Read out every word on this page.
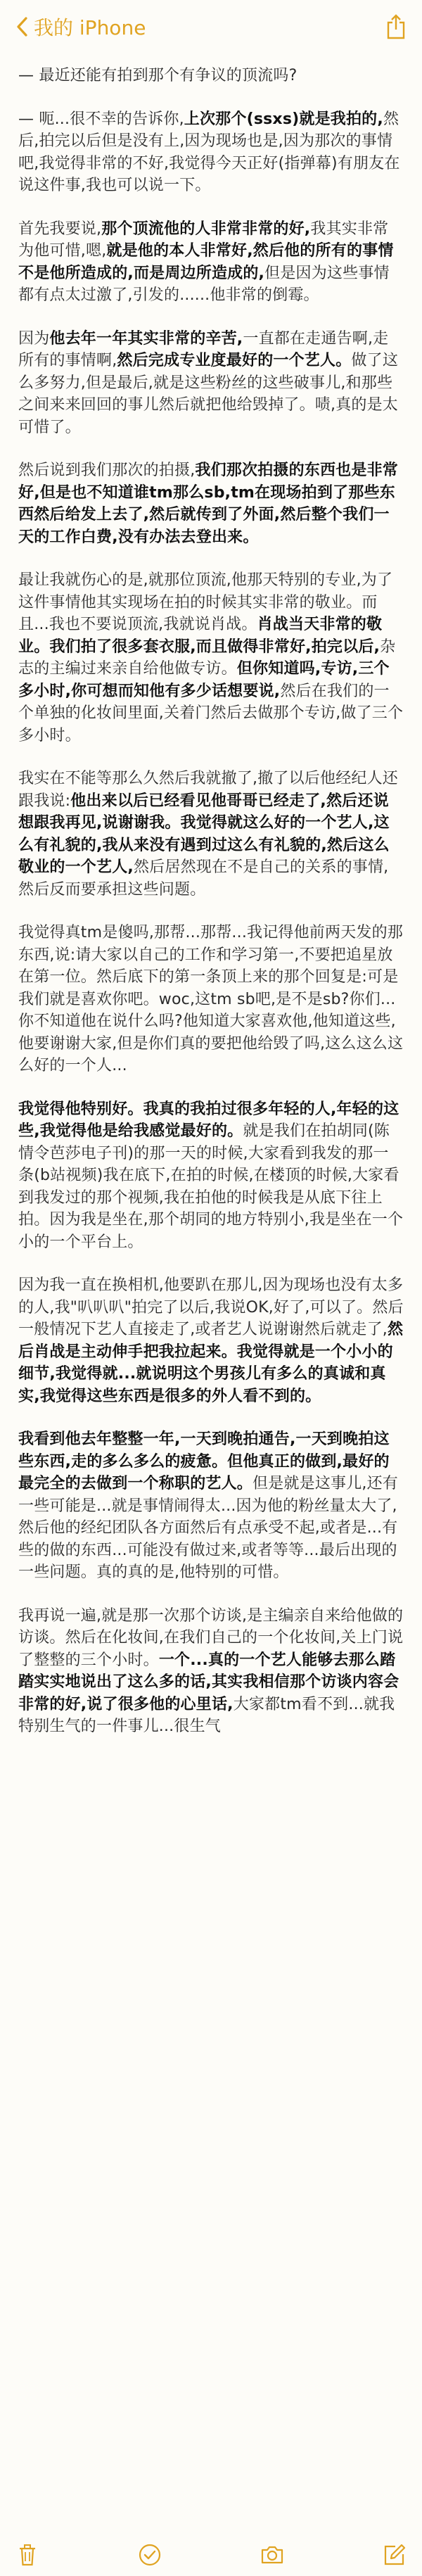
我的 iPhone

— 最近还能有拍到那个有争议的顶流吗?

— 呃...很不幸的告诉你,上次那个(ssxs)就是我拍的,然后,拍完以后但是没有上,因为现场也是,因为那次的事情吧,我觉得非常的不好,我觉得今天正好(指弹幕)有朋友在说这件事,我也可以说一下。

首先我要说,那个顶流他的人非常非常的好,我其实非常为他可惜,嗯,就是他的本人非常好,然后他的所有的事情不是他所造成的,而是周边所造成的,但是因为这些事情都有点太过激了,引发的......他非常的倒霉。

因为他去年一年其实非常的辛苦,一直都在走通告啊,走所有的事情啊,然后完成专业度最好的一个艺人。做了这么多努力,但是最后,就是这些粉丝的这些破事儿,和那些之间来来回回的事儿然后就把他给毁掉了。啧,真的是太可惜了。

然后说到我们那次的拍摄,我们那次拍摄的东西也是非常好,但是也不知道谁tm那么sb,tm在现场拍到了那些东西然后给发上去了,然后就传到了外面,然后整个我们一天的工作白费,没有办法去登出来。

最让我就伤心的是,就那位顶流,他那天特别的专业,为了这件事情他其实现场在拍的时候其实非常的敬业。而且...我也不要说顶流,我就说肖战。肖战当天非常的敬业。我们拍了很多套衣服,而且做得非常好,拍完以后,杂志的主编过来亲自给他做专访。但你知道吗,专访,三个多小时,你可想而知他有多少话想要说,然后在我们的一个单独的化妆间里面,关着门然后去做那个专访,做了三个多小时。

我实在不能等那么久然后我就撤了,撤了以后他经纪人还跟我说:他出来以后已经看见他哥哥已经走了,然后还说想跟我再见,说谢谢我。我觉得就这么好的一个艺人,这么有礼貌的,我从来没有遇到过这么有礼貌的,然后这么敬业的一个艺人,然后居然现在不是自己的关系的事情,然后反而要承担这些问题。

我觉得真tm是傻吗,那帮...那帮...我记得他前两天发的那东西,说:请大家以自己的工作和学习第一,不要把追星放在第一位。然后底下的第一条顶上来的那个回复是:可是我们就是喜欢你吧。woc,这tm sb吧,是不是sb?你们...你不知道他在说什么吗?他知道大家喜欢他,他知道这些,他要谢谢大家,但是你们真的要把他给毁了吗,这么这么这么好的一个人...

我觉得他特别好。我真的我拍过很多年轻的人,年轻的这些,我觉得他是给我感觉最好的。就是我们在拍胡同(陈情令芭莎电子刊)的那一天的时候,大家看到我发的那一条(b站视频)我在底下,在拍的时候,在楼顶的时候,大家看到我发过的那个视频,我在拍他的时候我是从底下往上拍。因为我是坐在,那个胡同的地方特别小,我是坐在一个小的一个平台上。

因为我一直在换相机,他要趴在那儿,因为现场也没有太多的人,我"叭叭叭"拍完了以后,我说OK,好了,可以了。然后一般情况下艺人直接走了,或者艺人说谢谢然后就走了,然后肖战是主动伸手把我拉起来。我觉得就是一个小小的细节,我觉得就...就说明这个男孩儿有多么的真诚和真实,我觉得这些东西是很多的外人看不到的。

我看到他去年整整一年,一天到晚拍通告,一天到晚拍这些东西,走的多么多么的疲惫。但他真正的做到,最好的最完全的去做到一个称职的艺人。但是就是这事儿,还有一些可能是...就是事情闹得太...因为他的粉丝量太大了,然后他的经纪团队各方面然后有点承受不起,或者是...有些的做的东西...可能没有做过来,或者等等...最后出现的一些问题。真的真的是,他特别的可惜。

我再说一遍,就是那一次那个访谈,是主编亲自来给他做的访谈。然后在化妆间,在我们自己的一个化妆间,关上门说了整整的三个小时。一个...真的一个艺人能够去那么踏踏实实地说出了这么多的话,其实我相信那个访谈内容会非常的好,说了很多他的心里话,大家都tm看不到...就我特别生气的一件事儿...很生气
